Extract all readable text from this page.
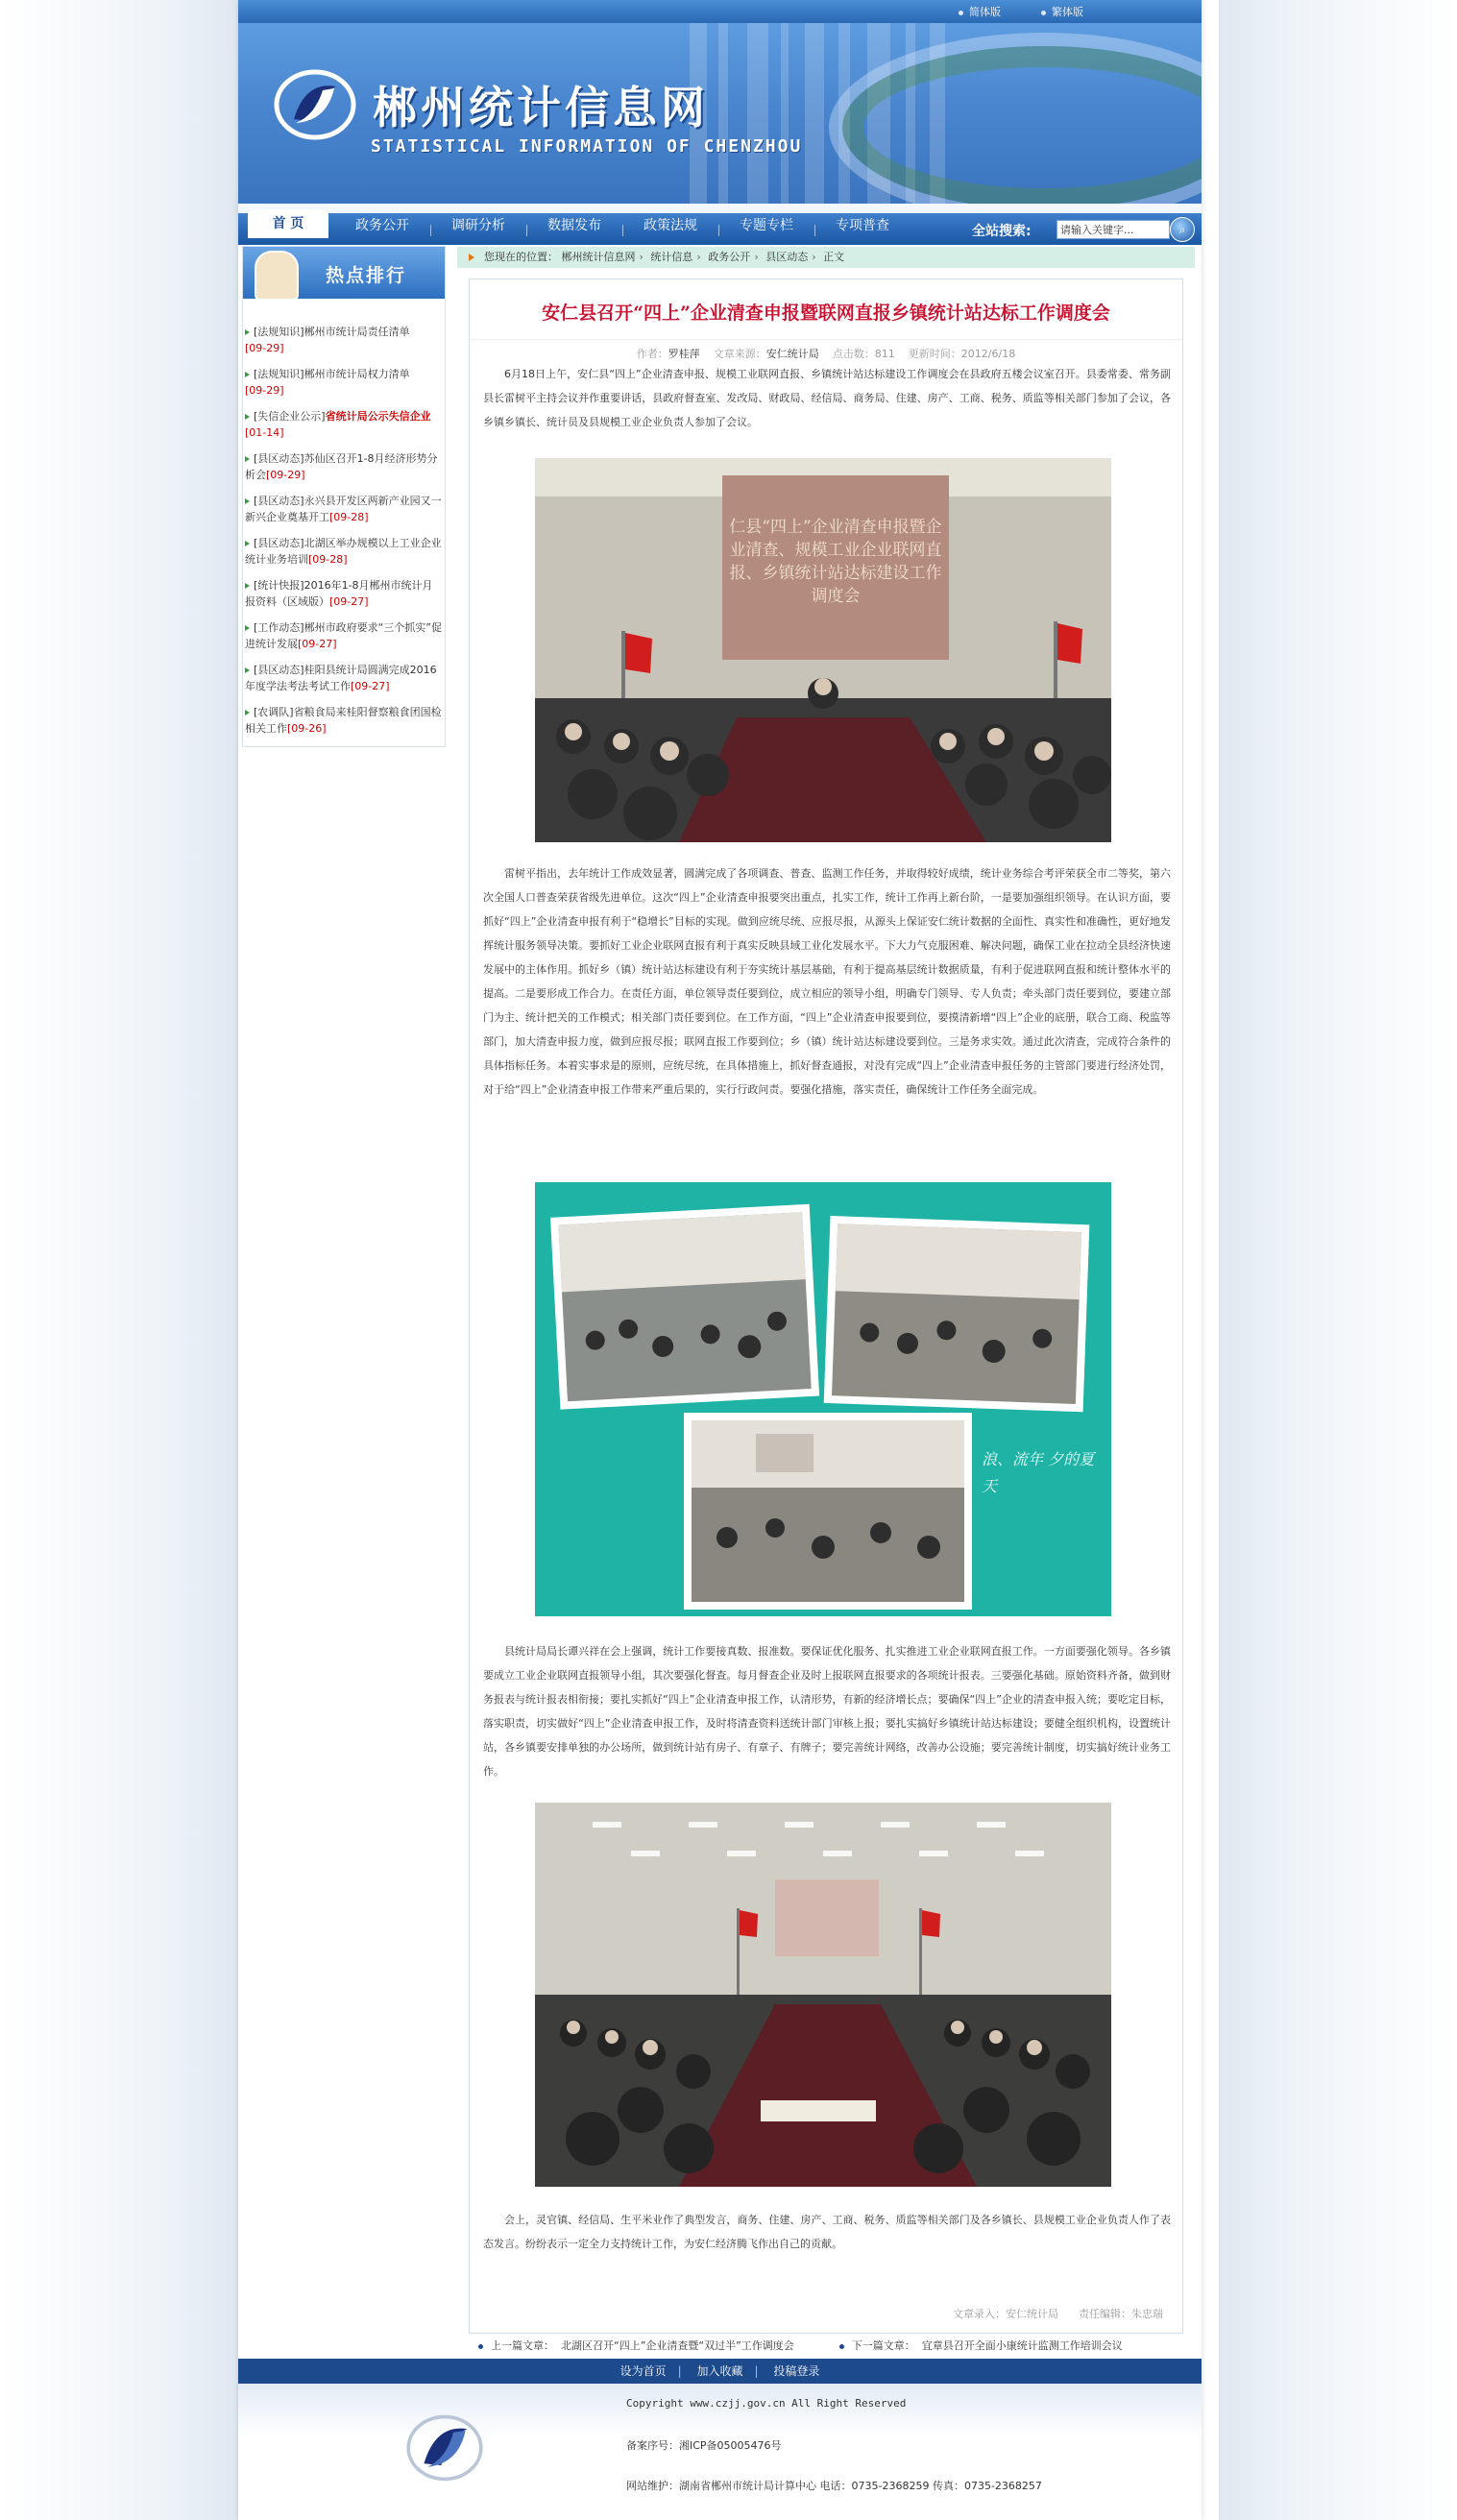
简体版	繁体版
郴州统计信息网
STATISTICAL INFORMATION OF CHENZHOU
首 页	政务公开	调研分析	数据发布	政策法规	专题专栏	专项普查	全站搜索:
请输入关键字...	⌕
热点排行
[法规知识]郴州市统计局责任清单
[09-29]
[法规知识]郴州市统计局权力清单
[09-29]
[失信企业公示]省统计局公示失信企业[01-14]
[县区动态]苏仙区召开1-8月经济形势分析会[09-29]
[县区动态]永兴县开发区两新产业园又一新兴企业奠基开工[09-28]
[县区动态]北湖区举办规模以上工业企业统计业务培训[09-28]
[统计快报]2016年1-8月郴州市统计月报资料（区域版）[09-27]
[工作动态]郴州市政府要求“三个抓实”促进统计发展[09-27]
[县区动态]桂阳县统计局圆满完成2016年度学法考法考试工作[09-27]
[农调队]省粮食局来桂阳督察粮食团国检相关工作[09-26]
您现在的位置： 郴州统计信息网 › 统计信息 › 政务公开 › 县区动态 › 正文
安仁县召开“四上”企业清查申报暨联网直报乡镇统计站达标工作调度会
作者：罗桂萍 文章来源：安仁统计局 点击数：811 更新时间：2012/6/18

6月18日上午，安仁县“四上”企业清查申报、规模工业联网直报、乡镇统计站达标建设工作调度会在县政府五楼会议室召开。县委常委、常务副县长雷树平主持会议并作重要讲话，县政府督查室、发改局、财政局、经信局、商务局、住建、房产、工商、税务、质监等相关部门参加了会议，各乡镇乡镇长、统计员及县规模工业企业负责人参加了会议。

仁县“四上”企业清查申报暨企业清查、规模工业企业联网直报、乡镇统计站达标建设工作调度会

雷树平指出，去年统计工作成效显著，圆满完成了各项调查、普查、监测工作任务，并取得较好成绩，统计业务综合考评荣获全市二等奖，第六次全国人口普查荣获省级先进单位。这次“四上”企业清查申报要突出重点，扎实工作，统计工作再上新台阶，一是要加强组织领导。在认识方面，要抓好“四上”企业清查申报有利于“稳增长”目标的实现。做到应统尽统、应报尽报，从源头上保证安仁统计数据的全面性、真实性和准确性，更好地发挥统计服务领导决策。要抓好工业企业联网直报有利于真实反映县域工业化发展水平。下大力气克服困难、解决问题，确保工业在拉动全县经济快速发展中的主体作用。抓好乡（镇）统计站达标建设有利于夯实统计基层基础，有利于提高基层统计数据质量，有利于促进联网直报和统计整体水平的提高。二是要形成工作合力。在责任方面，单位领导责任要到位，成立相应的领导小组，明确专门领导、专人负责；牵头部门责任要到位，要建立部门为主、统计把关的工作模式；相关部门责任要到位。在工作方面，“四上”企业清查申报要到位，要摸清新增“四上”企业的底册，联合工商、税监等部门，加大清查申报力度，做到应报尽报；联网直报工作要到位；乡（镇）统计站达标建设要到位。三是务求实效。通过此次清查，完成符合条件的具体指标任务。本着实事求是的原则，应统尽统，在具体措施上，抓好督查通报，对没有完成“四上”企业清查申报任务的主管部门要进行经济处罚，对于给“四上”企业清查申报工作带来严重后果的，实行行政问责。要强化措施，落实责任，确保统计工作任务全面完成。

浪、流年 夕的夏天

县统计局局长谭兴祥在会上强调，统计工作要接真数、报准数。要保证优化服务、扎实推进工业企业联网直报工作。一方面要强化领导。各乡镇要成立工业企业联网直报领导小组，其次要强化督查。每月督查企业及时上报联网直报要求的各项统计报表。三要强化基础。原始资料齐备，做到财务报表与统计报表相衔接；要扎实抓好“四上”企业清查申报工作，认清形势，有新的经济增长点；要确保“四上”企业的清查申报入统；要吃定目标，落实职责，切实做好“四上”企业清查申报工作，及时将清查资料送统计部门审核上报；要扎实搞好乡镇统计站达标建设；要健全组织机构，设置统计站，各乡镇要安排单独的办公场所，做到统计站有房子、有章子、有牌子；要完善统计网络，改善办公设施；要完善统计制度，切实搞好统计业务工作。

会上，灵官镇、经信局、生平米业作了典型发言，商务、住建、房产、工商、税务、质监等相关部门及各乡镇长、县规模工业企业负责人作了表态发言。纷纷表示一定全力支持统计工作，为安仁经济腾飞作出自己的贡献。

文章录入：安仁统计局 责任编辑：朱忠瑞
上一篇文章： 北湖区召开“四上”企业清查暨“双过半”工作调度会	下一篇文章： 宜章县召开全面小康统计监测工作培训会议
设为首页 | 加入收藏 | 投稿登录
Copyright www.czjj.gov.cn All Right Reserved
备案序号：湘ICP备05005476号
网站维护：湖南省郴州市统计局计算中心 电话：0735-2368259 传真：0735-2368257
